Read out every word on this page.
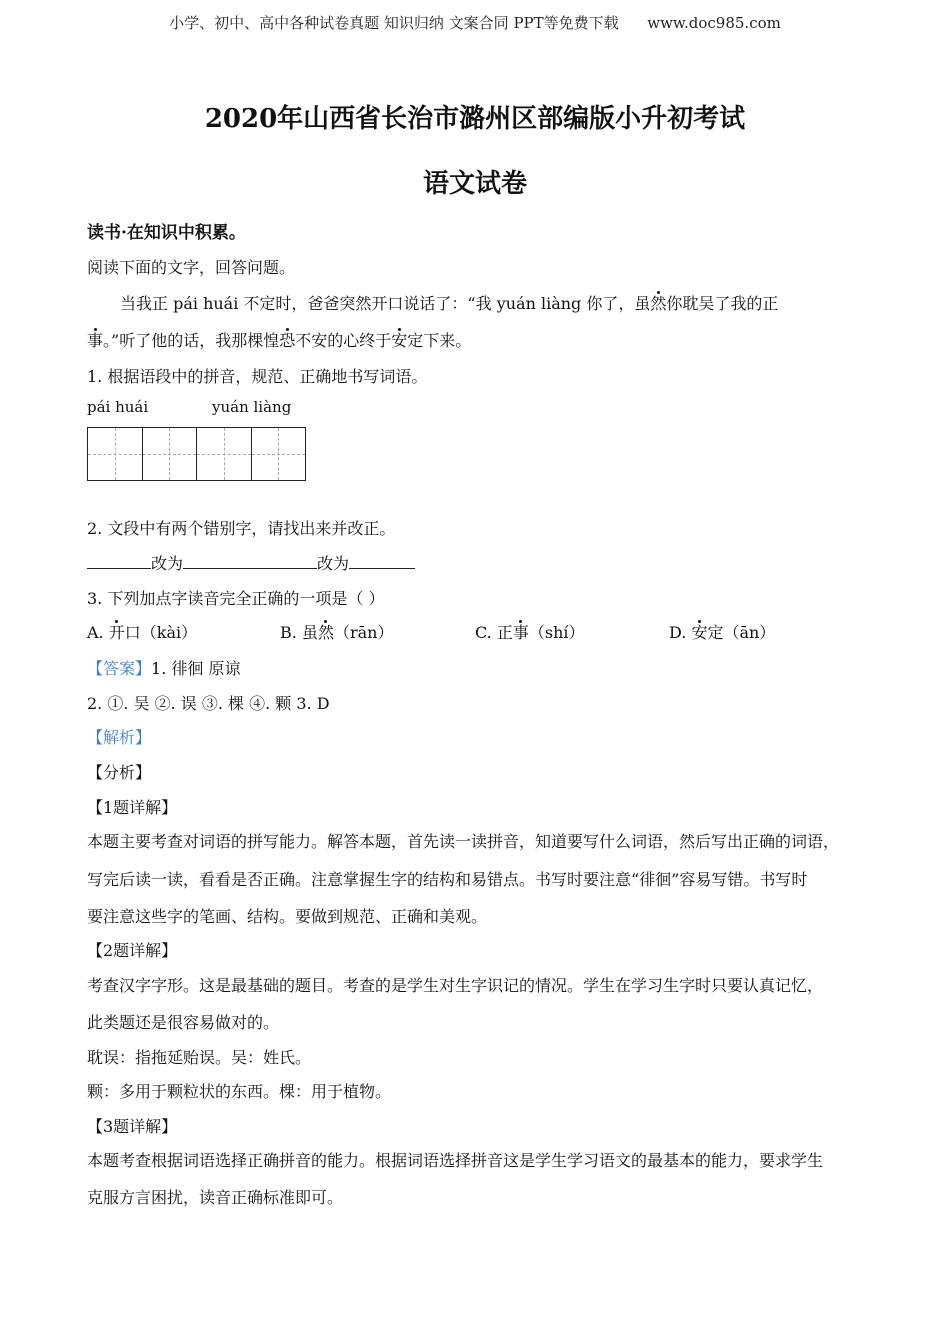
小学、初中、高中各种试卷真题 知识归纳 文案合同 PPT等免费下载 www.doc985.com
2020年山西省长治市潞州区部编版小升初考试
语文试卷
读书·在知识中积累。
阅读下面的文字，回答问题。
当我正 pái huái 不定时，爸爸突然开口说话了：“我 yuán liàng 你了，虽然你耽吴了我的正
事。”听了他的话，我那棵惶恐不安的心终于安定下来。
1. 根据语段中的拼音，规范、正确地书写词语。
pái huái	yuán liàng
2. 文段中有两个错别字，请找出来并改正。
改为	改为
3. 下列加点字读音完全正确的一项是（ ）
A. 开口（kài）	B. 虽然（rān）	C. 正事（shí）	D. 安定（ān）
【答案】1. 徘徊 原谅
2. ①. 吴 ②. 误 ③. 棵 ④. 颗 3. D
【解析】
【分析】
【1题详解】
本题主要考查对词语的拼写能力。解答本题，首先读一读拼音，知道要写什么词语，然后写出正确的词语，
写完后读一读，看看是否正确。注意掌握生字的结构和易错点。书写时要注意“徘徊”容易写错。书写时
要注意这些字的笔画、结构。要做到规范、正确和美观。
【2题详解】
考查汉字字形。这是最基础的题目。考查的是学生对生字识记的情况。学生在学习生字时只要认真记忆，
此类题还是很容易做对的。
耽误：指拖延贻误。吴：姓氏。
颗：多用于颗粒状的东西。棵：用于植物。
【3题详解】
本题考查根据词语选择正确拼音的能力。根据词语选择拼音这是学生学习语文的最基本的能力，要求学生
克服方言困扰，读音正确标准即可。
